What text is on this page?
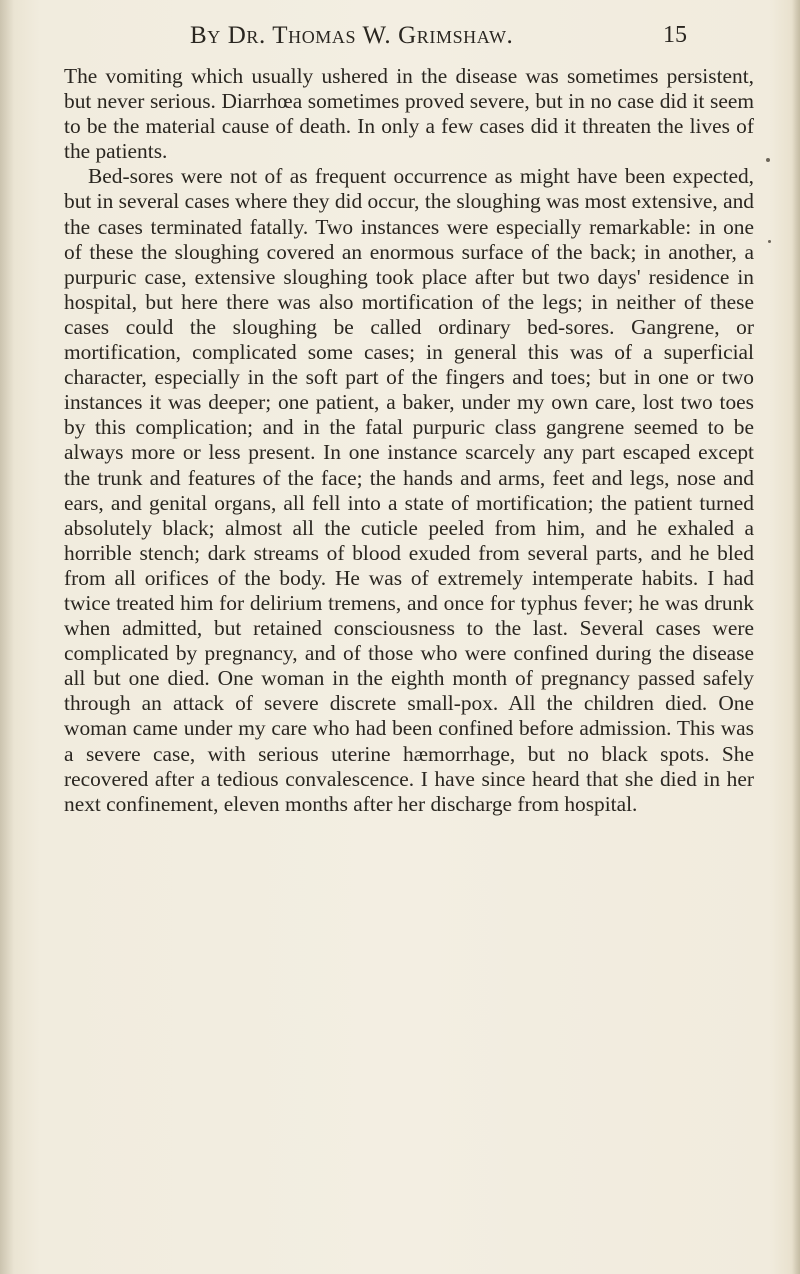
By Dr. Thomas W. Grimshaw.	15

The vomiting which usually ushered in the disease was sometimes persistent, but never serious. Diarrhœa sometimes proved severe, but in no case did it seem to be the material cause of death. In only a few cases did it threaten the lives of the patients.

Bed-sores were not of as frequent occurrence as might have been expected, but in several cases where they did occur, the sloughing was most extensive, and the cases terminated fatally. Two instances were especially remarkable: in one of these the sloughing covered an enormous surface of the back; in another, a purpuric case, extensive sloughing took place after but two days' residence in hospital, but here there was also mortification of the legs; in neither of these cases could the sloughing be called ordinary bed-sores. Gangrene, or mortification, complicated some cases; in general this was of a superficial character, especially in the soft part of the fingers and toes; but in one or two instances it was deeper; one patient, a baker, under my own care, lost two toes by this complication; and in the fatal purpuric class gangrene seemed to be always more or less present. In one instance scarcely any part escaped except the trunk and features of the face; the hands and arms, feet and legs, nose and ears, and genital organs, all fell into a state of mortification; the patient turned absolutely black; almost all the cuticle peeled from him, and he exhaled a horrible stench; dark streams of blood exuded from several parts, and he bled from all orifices of the body. He was of extremely intemperate habits. I had twice treated him for delirium tremens, and once for typhus fever; he was drunk when admitted, but retained consciousness to the last. Several cases were complicated by pregnancy, and of those who were confined during the disease all but one died. One woman in the eighth month of pregnancy passed safely through an attack of severe discrete small-pox. All the children died. One woman came under my care who had been confined before admission. This was a severe case, with serious uterine hæmorrhage, but no black spots. She recovered after a tedious convalescence. I have since heard that she died in her next confinement, eleven months after her discharge from hospital.
